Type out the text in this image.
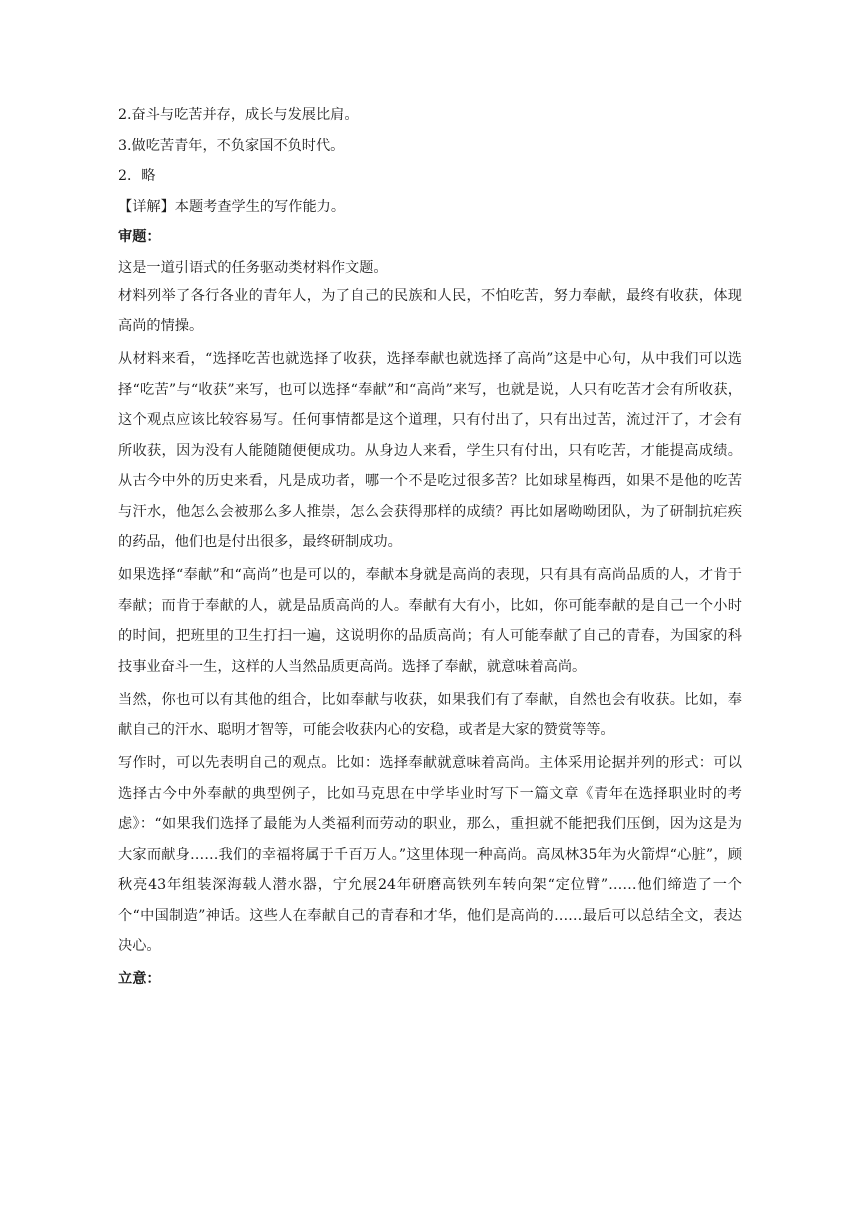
2.奋斗与吃苦并存，成长与发展比肩。
3.做吃苦青年，不负家国不负时代。
2．略
【详解】本题考查学生的写作能力。
审题：
这是一道引语式的任务驱动类材料作文题。

材料列举了各行各业的青年人，为了自己的民族和人民，不怕吃苦，努力奉献，最终有收获，体现高尚的情操。

从材料来看，“选择吃苦也就选择了收获，选择奉献也就选择了高尚”这是中心句，从中我们可以选择“吃苦”与“收获”来写，也可以选择“奉献”和“高尚”来写，也就是说，人只有吃苦才会有所收获，这个观点应该比较容易写。任何事情都是这个道理，只有付出了，只有出过苦，流过汗了，才会有所收获，因为没有人能随随便便成功。从身边人来看，学生只有付出，只有吃苦，才能提高成绩。从古今中外的历史来看，凡是成功者，哪一个不是吃过很多苦？比如球星梅西，如果不是他的吃苦与汗水，他怎么会被那么多人推崇，怎么会获得那样的成绩？再比如屠呦呦团队，为了研制抗疟疾的药品，他们也是付出很多，最终研制成功。

如果选择“奉献”和“高尚”也是可以的，奉献本身就是高尚的表现，只有具有高尚品质的人，才肯于奉献；而肯于奉献的人，就是品质高尚的人。奉献有大有小，比如，你可能奉献的是自己一个小时的时间，把班里的卫生打扫一遍，这说明你的品质高尚；有人可能奉献了自己的青春，为国家的科技事业奋斗一生，这样的人当然品质更高尚。选择了奉献，就意味着高尚。

当然，你也可以有其他的组合，比如奉献与收获，如果我们有了奉献，自然也会有收获。比如，奉献自己的汗水、聪明才智等，可能会收获内心的安稳，或者是大家的赞赏等等。

写作时，可以先表明自己的观点。比如：选择奉献就意味着高尚。主体采用论据并列的形式：可以选择古今中外奉献的典型例子，比如马克思在中学毕业时写下一篇文章《青年在选择职业时的考虑》：“如果我们选择了最能为人类福利而劳动的职业，那么，重担就不能把我们压倒，因为这是为大家而献身……我们的幸福将属于千百万人。”这里体现一种高尚。高凤林35年为火箭焊“心脏”，顾秋亮43年组装深海载人潜水器，宁允展24年研磨高铁列车转向架“定位臂”……他们缔造了一个个“中国制造”神话。这些人在奉献自己的青春和才华，他们是高尚的……最后可以总结全文，表达决心。

立意：
